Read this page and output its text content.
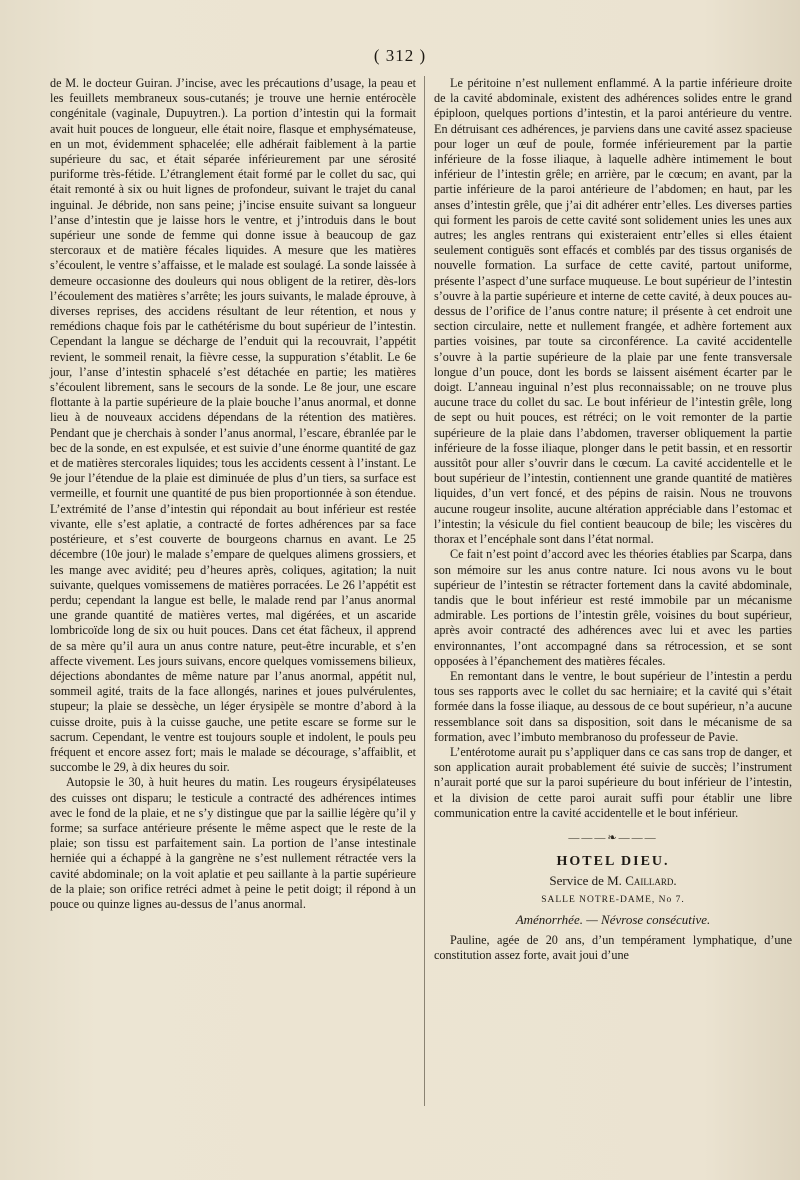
( 312 )

de M. le docteur Guiran. J’incise, avec les précautions d’usage, la peau et les feuillets membraneux sous-cutanés; je trouve une hernie entérocèle congénitale (vaginale, Dupuytren.). La portion d’intestin qui la formait avait huit pouces de longueur, elle était noire, flasque et emphysémateuse, en un mot, évidemment sphacelée; elle adhérait faiblement à la partie supérieure du sac, et était séparée inférieurement par une sérosité puriforme très-fétide. L’étranglement était formé par le collet du sac, qui était remonté à six ou huit lignes de profondeur, suivant le trajet du canal inguinal. Je débride, non sans peine; j’incise ensuite suivant sa longueur l’anse d’intestin que je laisse hors le ventre, et j’introduis dans le bout supérieur une sonde de femme qui donne issue à beaucoup de gaz stercoraux et de matière fécales liquides. A mesure que les matières s’écoulent, le ventre s’affaisse, et le malade est soulagé. La sonde laissée à demeure occasionne des douleurs qui nous obligent de la retirer, dès-lors l’écoulement des matières s’arrête; les jours suivants, le malade éprouve, à diverses reprises, des accidens résultant de leur rétention, et nous y remédions chaque fois par le cathétérisme du bout supérieur de l’intestin. Cependant la langue se décharge de l’enduit qui la recouvrait, l’appétit revient, le sommeil renait, la fièvre cesse, la suppuration s’établit. Le 6e jour, l’anse d’intestin sphacelé s’est détachée en partie; les matières s’écoulent librement, sans le secours de la sonde. Le 8e jour, une escare flottante à la partie supérieure de la plaie bouche l’anus anormal, et donne lieu à de nouveaux accidens dépendans de la rétention des matières. Pendant que je cherchais à sonder l’anus anormal, l’escare, ébranlée par le bec de la sonde, en est expulsée, et est suivie d’une énorme quantité de gaz et de matières stercorales liquides; tous les accidents cessent à l’instant. Le 9e jour l’étendue de la plaie est diminuée de plus d’un tiers, sa surface est vermeille, et fournit une quantité de pus bien proportionnée à son étendue. L’extrémité de l’anse d’intestin qui répondait au bout inférieur est restée vivante, elle s’est aplatie, a contracté de fortes adhérences par sa face postérieure, et s’est couverte de bourgeons charnus en avant. Le 25 décembre (10e jour) le malade s’empare de quelques alimens grossiers, et les mange avec avidité; peu d’heures après, coliques, agitation; la nuit suivante, quelques vomissemens de matières porracées. Le 26 l’appétit est perdu; cependant la langue est belle, le malade rend par l’anus anormal une grande quantité de matières vertes, mal digérées, et un ascaride lombricoïde long de six ou huit pouces. Dans cet état fâcheux, il apprend de sa mère qu’il aura un anus contre nature, peut-être incurable, et s’en affecte vivement. Les jours suivans, encore quelques vomissemens bilieux, déjections abondantes de même nature par l’anus anormal, appétit nul, sommeil agité, traits de la face allongés, narines et joues pulvérulentes, stupeur; la plaie se dessèche, un léger érysipèle se montre d’abord à la cuisse droite, puis à la cuisse gauche, une petite escare se forme sur le sacrum. Cependant, le ventre est toujours souple et indolent, le pouls peu fréquent et encore assez fort; mais le malade se décourage, s’affaiblit, et succombe le 29, à dix heures du soir.

Autopsie le 30, à huit heures du matin. Les rougeurs érysipélateuses des cuisses ont disparu; le testicule a contracté des adhérences intimes avec le fond de la plaie, et ne s’y distingue que par la saillie légère qu’il y forme; sa surface antérieure présente le même aspect que le reste de la plaie; son tissu est parfaitement sain. La portion de l’anse intestinale herniée qui a échappé à la gangrène ne s’est nullement rétractée vers la cavité abdominale; on la voit aplatie et peu saillante à la partie supérieure de la plaie; son orifice retréci admet à peine le petit doigt; il répond à un pouce ou quinze lignes au-dessus de l’anus anormal.

Le péritoine n’est nullement enflammé. A la partie inférieure droite de la cavité abdominale, existent des adhérences solides entre le grand épiploon, quelques portions d’intestin, et la paroi antérieure du ventre. En détruisant ces adhérences, je parviens dans une cavité assez spacieuse pour loger un œuf de poule, formée inférieurement par la partie inférieure de la fosse iliaque, à laquelle adhère intimement le bout inférieur de l’intestin grêle; en arrière, par le cœcum; en avant, par la partie inférieure de la paroi antérieure de l’abdomen; en haut, par les anses d’intestin grêle, que j’ai dit adhérer entr’elles. Les diverses parties qui forment les parois de cette cavité sont solidement unies les unes aux autres; les angles rentrans qui existeraient entr’elles si elles étaient seulement contiguës sont effacés et comblés par des tissus organisés de nouvelle formation. La surface de cette cavité, partout uniforme, présente l’aspect d’une surface muqueuse. Le bout supérieur de l’intestin s’ouvre à la partie supérieure et interne de cette cavité, à deux pouces au-dessus de l’orifice de l’anus contre nature; il présente à cet endroit une section circulaire, nette et nullement frangée, et adhère fortement aux parties voisines, par toute sa circonférence. La cavité accidentelle s’ouvre à la partie supérieure de la plaie par une fente transversale longue d’un pouce, dont les bords se laissent aisément écarter par le doigt. L’anneau inguinal n’est plus reconnaissable; on ne trouve plus aucune trace du collet du sac. Le bout inférieur de l’intestin grêle, long de sept ou huit pouces, est rétréci; on le voit remonter de la partie supérieure de la plaie dans l’abdomen, traverser obliquement la partie inférieure de la fosse iliaque, plonger dans le petit bassin, et en ressortir aussitôt pour aller s’ouvrir dans le cœcum. La cavité accidentelle et le bout supérieur de l’intestin, contiennent une grande quantité de matières liquides, d’un vert foncé, et des pépins de raisin. Nous ne trouvons aucune rougeur insolite, aucune altération appréciable dans l’estomac et l’intestin; la vésicule du fiel contient beaucoup de bile; les viscères du thorax et l’encéphale sont dans l’état normal.

Ce fait n’est point d’accord avec les théories établies par Scarpa, dans son mémoire sur les anus contre nature. Ici nous avons vu le bout supérieur de l’intestin se rétracter fortement dans la cavité abdominale, tandis que le bout inférieur est resté immobile par un mécanisme admirable. Les portions de l’intestin grêle, voisines du bout supérieur, après avoir contracté des adhérences avec lui et avec les parties environnantes, l’ont accompagné dans sa rétrocession, et se sont opposées à l’épanchement des matières fécales.

En remontant dans le ventre, le bout supérieur de l’intestin a perdu tous ses rapports avec le collet du sac herniaire; et la cavité qui s’était formée dans la fosse iliaque, au dessous de ce bout supérieur, n’a aucune ressemblance soit dans sa disposition, soit dans le mécanisme de sa formation, avec l’imbuto membranoso du professeur de Pavie.

L’entérotome aurait pu s’appliquer dans ce cas sans trop de danger, et son application aurait probablement été suivie de succès; l’instrument n’aurait porté que sur la paroi supérieure du bout inférieur de l’intestin, et la division de cette paroi aurait suffi pour établir une libre communication entre la cavité accidentelle et le bout inférieur.

———❧———
HOTEL DIEU.
Service de M. Caillard.
SALLE NOTRE-DAME, No 7.
Aménorrhée. — Névrose consécutive.

Pauline, agée de 20 ans, d’un tempérament lymphatique, d’une constitution assez forte, avait joui d’une
